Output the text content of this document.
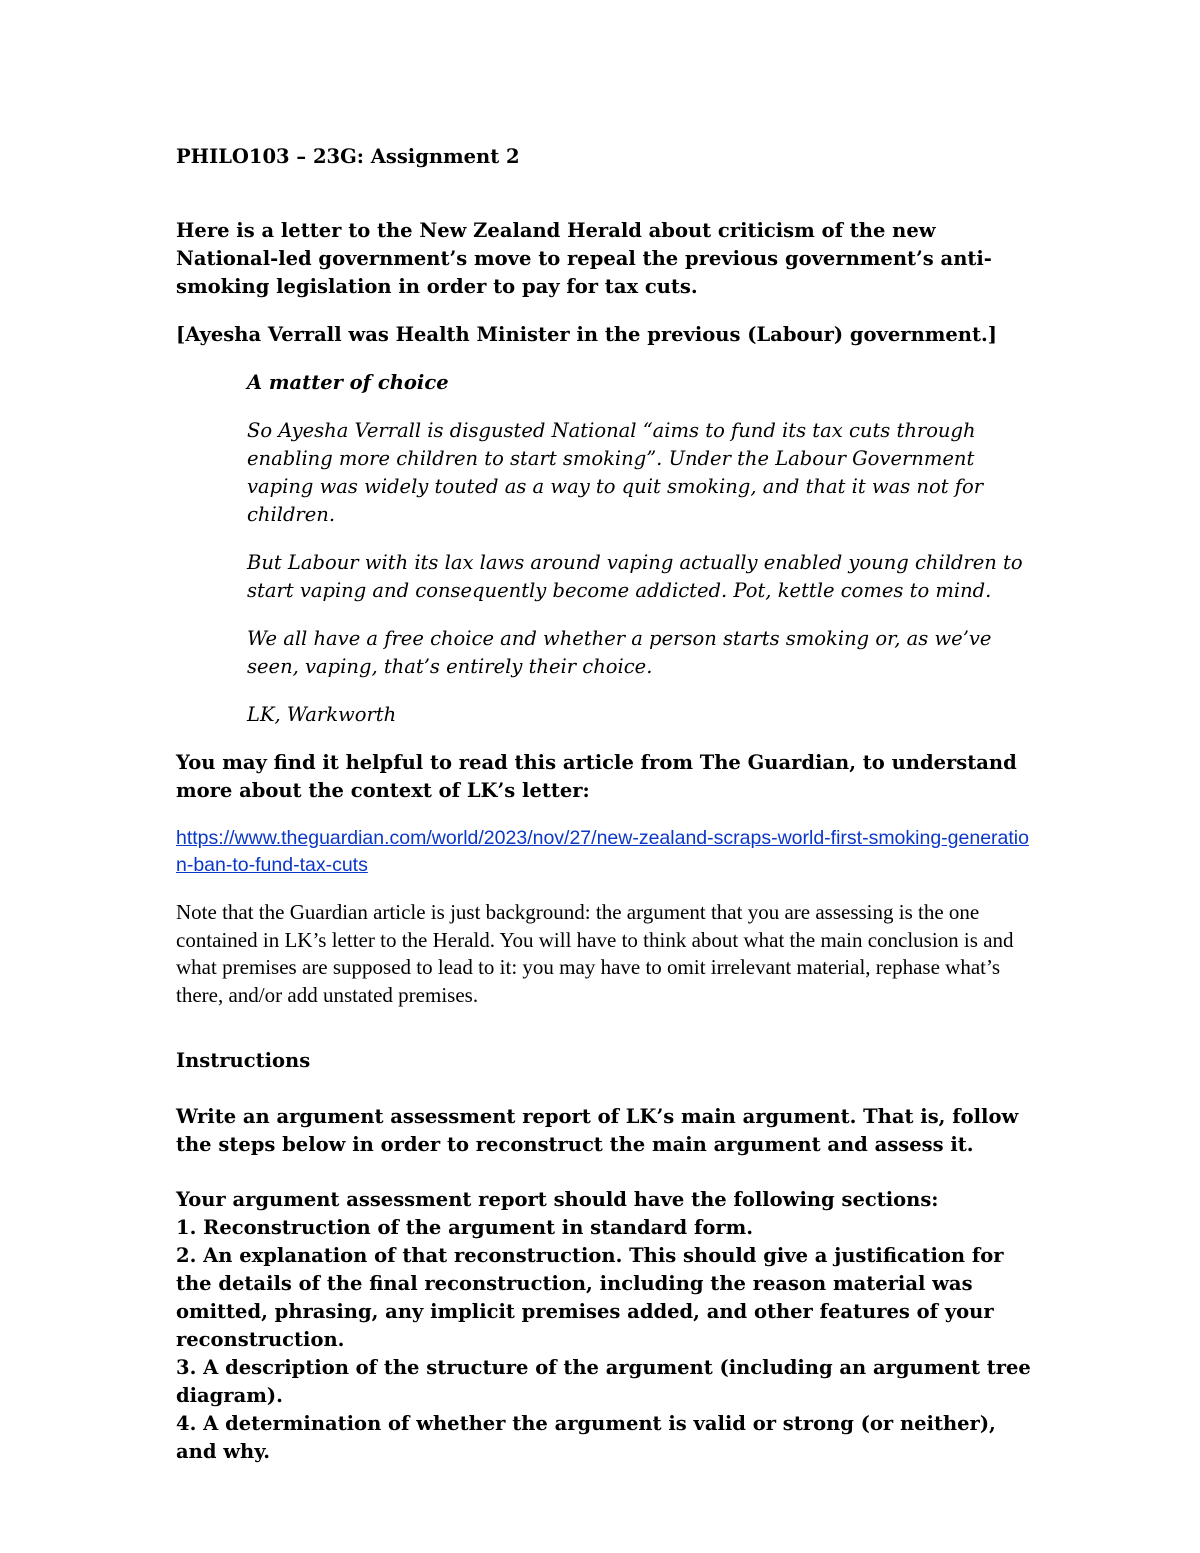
PHILO103 – 23G: Assignment 2

Here is a letter to the New Zealand Herald about criticism of the new National-led government’s move to repeal the previous government’s anti-smoking legislation in order to pay for tax cuts.

[Ayesha Verrall was Health Minister in the previous (Labour) government.]

A matter of choice

So Ayesha Verrall is disgusted National “aims to fund its tax cuts through enabling more children to start smoking”. Under the Labour Government vaping was widely touted as a way to quit smoking, and that it was not for children.

But Labour with its lax laws around vaping actually enabled young children to start vaping and consequently become addicted. Pot, kettle comes to mind.

We all have a free choice and whether a person starts smoking or, as we’ve seen, vaping, that’s entirely their choice.

LK, Warkworth

You may find it helpful to read this article from The Guardian, to understand more about the context of LK’s letter:

https://www.theguardian.com/world/2023/nov/27/new-zealand-scraps-world-first-smoking-generation-ban-to-fund-tax-cuts

Note that the Guardian article is just background: the argument that you are assessing is the one contained in LK’s letter to the Herald. You will have to think about what the main conclusion is and what premises are supposed to lead to it: you may have to omit irrelevant material, rephase what’s there, and/or add unstated premises.

Instructions

Write an argument assessment report of LK’s main argument. That is, follow the steps below in order to reconstruct the main argument and assess it.

Your argument assessment report should have the following sections:

1. Reconstruction of the argument in standard form.

2. An explanation of that reconstruction. This should give a justification for the details of the final reconstruction, including the reason material was omitted, phrasing, any implicit premises added, and other features of your reconstruction.

3. A description of the structure of the argument (including an argument tree diagram).

4. A determination of whether the argument is valid or strong (or neither), and why.
